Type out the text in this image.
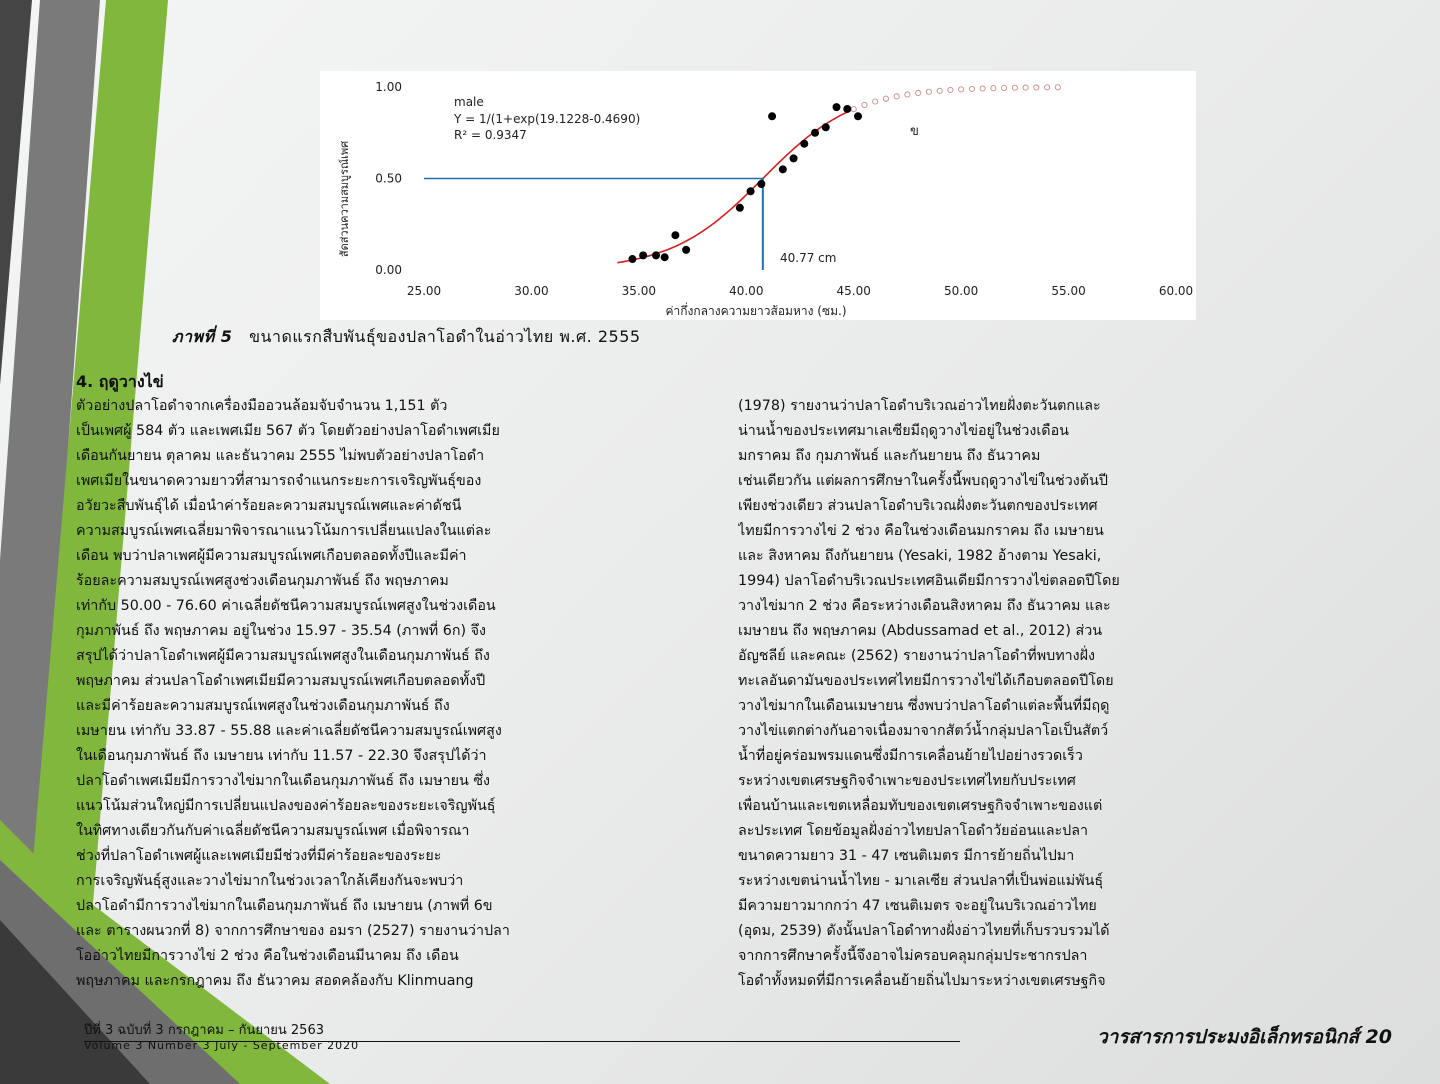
25.00	30.00	35.00	40.00	45.00	50.00	55.00	60.00
0.00
0.50
1.00
สัดส่วนความสมบูรณ์เพศ
ค่ากึ่งกลางความยาวส้อมหาง (ซม.)
male
Y = 1/(1+exp(19.1228-0.4690)
R² = 0.9347	ข
40.77 cm
ภาพที่ 5 ขนาดแรกสืบพันธุ์ของปลาโอดำในอ่าวไทย พ.ศ. 2555
4. ฤดูวางไข่
ตัวอย่างปลาโอดำจากเครื่องมืออวนล้อมจับจำนวน 1,151 ตัว
เป็นเพศผู้ 584 ตัว และเพศเมีย 567 ตัว โดยตัวอย่างปลาโอดำเพศเมีย
เดือนกันยายน ตุลาคม และธันวาคม 2555 ไม่พบตัวอย่างปลาโอดำ
เพศเมียในขนาดความยาวที่สามารถจำแนกระยะการเจริญพันธุ์ของ
อวัยวะสืบพันธุ์ได้ เมื่อนำค่าร้อยละความสมบูรณ์เพศและค่าดัชนี
ความสมบูรณ์เพศเฉลี่ยมาพิจารณาแนวโน้มการเปลี่ยนแปลงในแต่ละ
เดือน พบว่าปลาเพศผู้มีความสมบูรณ์เพศเกือบตลอดทั้งปีและมีค่า
ร้อยละความสมบูรณ์เพศสูงช่วงเดือนกุมภาพันธ์ ถึง พฤษภาคม
เท่ากับ 50.00 - 76.60 ค่าเฉลี่ยดัชนีความสมบูรณ์เพศสูงในช่วงเดือน
กุมภาพันธ์ ถึง พฤษภาคม อยู่ในช่วง 15.97 - 35.54 (ภาพที่ 6ก) จึง
สรุปได้ว่าปลาโอดำเพศผู้มีความสมบูรณ์เพศสูงในเดือนกุมภาพันธ์ ถึง
พฤษภาคม ส่วนปลาโอดำเพศเมียมีความสมบูรณ์เพศเกือบตลอดทั้งปี
และมีค่าร้อยละความสมบูรณ์เพศสูงในช่วงเดือนกุมภาพันธ์ ถึง
เมษายน เท่ากับ 33.87 - 55.88 และค่าเฉลี่ยดัชนีความสมบูรณ์เพศสูง
ในเดือนกุมภาพันธ์ ถึง เมษายน เท่ากับ 11.57 - 22.30 จึงสรุปได้ว่า
ปลาโอดำเพศเมียมีการวางไข่มากในเดือนกุมภาพันธ์ ถึง เมษายน ซึ่ง
แนวโน้มส่วนใหญ่มีการเปลี่ยนแปลงของค่าร้อยละของระยะเจริญพันธุ์
ในทิศทางเดียวกันกับค่าเฉลี่ยดัชนีความสมบูรณ์เพศ เมื่อพิจารณา
ช่วงที่ปลาโอดำเพศผู้และเพศเมียมีช่วงที่มีค่าร้อยละของระยะ
การเจริญพันธุ์สูงและวางไข่มากในช่วงเวลาใกล้เคียงกันจะพบว่า
ปลาโอดำมีการวางไข่มากในเดือนกุมภาพันธ์ ถึง เมษายน (ภาพที่ 6ข
และ ตารางผนวกที่ 8) จากการศึกษาของ อมรา (2527) รายงานว่าปลา
โออ่าวไทยมีการวางไข่ 2 ช่วง คือในช่วงเดือนมีนาคม ถึง เดือน
พฤษภาคม และกรกฎาคม ถึง ธันวาคม สอดคล้องกับ Klinmuang
(1978) รายงานว่าปลาโอดำบริเวณอ่าวไทยฝั่งตะวันตกและ
น่านน้ำของประเทศมาเลเซียมีฤดูวางไข่อยู่ในช่วงเดือน
มกราคม ถึง กุมภาพันธ์ และกันยายน ถึง ธันวาคม
เช่นเดียวกัน แต่ผลการศึกษาในครั้งนี้พบฤดูวางไข่ในช่วงต้นปี
เพียงช่วงเดียว ส่วนปลาโอดำบริเวณฝั่งตะวันตกของประเทศ
ไทยมีการวางไข่ 2 ช่วง คือในช่วงเดือนมกราคม ถึง เมษายน
และ สิงหาคม ถึงกันยายน (Yesaki, 1982 อ้างตาม Yesaki,
1994) ปลาโอดำบริเวณประเทศอินเดียมีการวางไข่ตลอดปีโดย
วางไข่มาก 2 ช่วง คือระหว่างเดือนสิงหาคม ถึง ธันวาคม และ
เมษายน ถึง พฤษภาคม (Abdussamad et al., 2012) ส่วน
อัญชลีย์ และคณะ (2562) รายงานว่าปลาโอดำที่พบทางฝั่ง
ทะเลอันดามันของประเทศไทยมีการวางไข่ได้เกือบตลอดปีโดย
วางไข่มากในเดือนเมษายน ซึ่งพบว่าปลาโอดำแต่ละพื้นที่มีฤดู
วางไข่แตกต่างกันอาจเนื่องมาจากสัตว์น้ำกลุ่มปลาโอเป็นสัตว์
น้ำที่อยู่คร่อมพรมแดนซึ่งมีการเคลื่อนย้ายไปอย่างรวดเร็ว
ระหว่างเขตเศรษฐกิจจำเพาะของประเทศไทยกับประเทศ
เพื่อนบ้านและเขตเหลื่อมทับของเขตเศรษฐกิจจำเพาะของแต่
ละประเทศ โดยข้อมูลฝั่งอ่าวไทยปลาโอดำวัยอ่อนและปลา
ขนาดความยาว 31 - 47 เซนติเมตร มีการย้ายถิ่นไปมา
ระหว่างเขตน่านน้ำไทย - มาเลเซีย ส่วนปลาที่เป็นพ่อแม่พันธุ์
มีความยาวมากกว่า 47 เซนติเมตร จะอยู่ในบริเวณอ่าวไทย
(อุดม, 2539) ดังนั้นปลาโอดำทางฝั่งอ่าวไทยที่เก็บรวบรวมได้
จากการศึกษาครั้งนี้จึงอาจไม่ครอบคลุมกลุ่มประชากรปลา
โอดำทั้งหมดที่มีการเคลื่อนย้ายถิ่นไปมาระหว่างเขตเศรษฐกิจ
ปีที่ 3 ฉบับที่ 3 กรกฎาคม – กันยายน 2563
Volume 3 Number 3 July - September 2020	วารสารการประมงอิเล็กทรอนิกส์ 20
